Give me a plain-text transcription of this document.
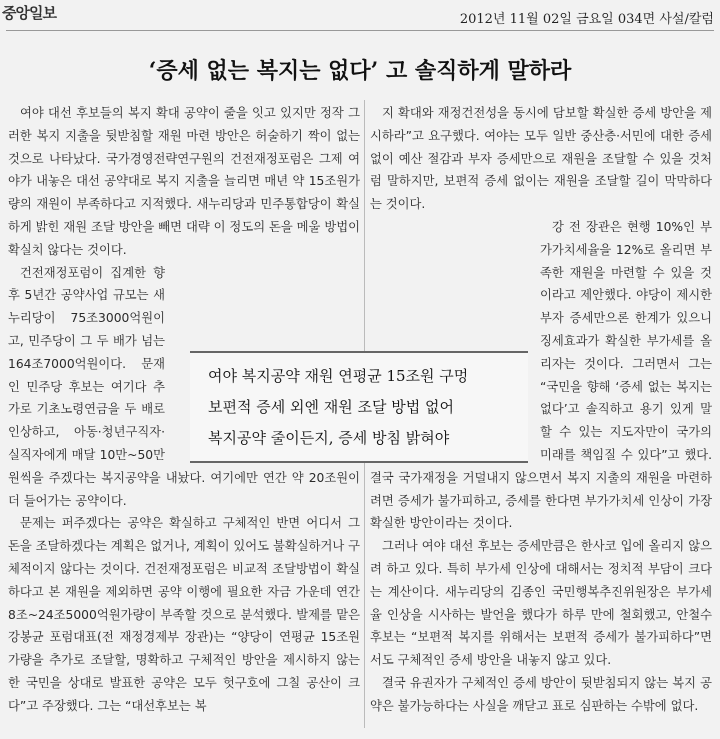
중앙일보	2012년 11월 02일 금요일 034면 사설/칼럼
‘증세 없는 복지는 없다’ 고 솔직하게 말하라

여야 대선 후보들의 복지 확대 공약이 줄을 잇고 있지만 정작 그러한 복지 지출을 뒷받침할 재원 마련 방안은 허술하기 짝이 없는 것으로 나타났다. 국가경영전략연구원의 건전재정포럼은 그제 여야가 내놓은 대선 공약대로 복지 지출을 늘리면 매년 약 15조원가량의 재원이 부족하다고 지적했다. 새누리당과 민주통합당이 확실하게 밝힌 재원 조달 방안을 빼면 대략 이 정도의 돈을 메울 방법이 확실치 않다는 것이다.

건전재정포럼이 집계한 향후 5년간 공약사업 규모는 새누리당이 75조3000억원이고, 민주당이 그 두 배가 넘는 164조7000억원이다. 문재인 민주당 후보는 여기다 추가로 기초노령연금을 두 배로 인상하고, 아동·청년구직자·실직자에게 매달 10만~50만원씩을 주겠다는 복지공약을 내놨다. 여기에만 연간 약 20조원이 더 들어가는 공약이다.

문제는 퍼주겠다는 공약은 확실하고 구체적인 반면 어디서 그 돈을 조달하겠다는 계획은 없거나, 계획이 있어도 불확실하거나 구체적이지 않다는 것이다. 건전재정포럼은 비교적 조달방법이 확실하다고 본 재원을 제외하면 공약 이행에 필요한 자금 가운데 연간 8조~24조5000억원가량이 부족할 것으로 분석했다. 발제를 맡은 강봉균 포럼대표(전 재정경제부 장관)는 “양당이 연평균 15조원가량을 추가로 조달할, 명확하고 구체적인 방안을 제시하지 않는 한 국민을 상대로 발표한 공약은 모두 헛구호에 그칠 공산이 크다”고 주장했다. 그는 “대선후보는 복

지 확대와 재정건전성을 동시에 담보할 확실한 증세 방안을 제시하라”고 요구했다. 여야는 모두 일반 중산층·서민에 대한 증세 없이 예산 절감과 부자 증세만으로 재원을 조달할 수 있을 것처럼 말하지만, 보편적 증세 없이는 재원을 조달할 길이 막막하다는 것이다.

강 전 장관은 현행 10%인 부가가치세율을 12%로 올리면 부족한 재원을 마련할 수 있을 것이라고 제안했다. 야당이 제시한 부자 증세만으론 한계가 있으니 징세효과가 확실한 부가세를 올리자는 것이다. 그러면서 그는 “국민을 향해 ‘증세 없는 복지는 없다’고 솔직하고 용기 있게 말할 수 있는 지도자만이 국가의 미래를 책임질 수 있다”고 했다. 결국 국가재정을 거덜내지 않으면서 복지 지출의 재원을 마련하려면 증세가 불가피하고, 증세를 한다면 부가가치세 인상이 가장 확실한 방안이라는 것이다.

그러나 여야 대선 후보는 증세만큼은 한사코 입에 올리지 않으려 하고 있다. 특히 부가세 인상에 대해서는 정치적 부담이 크다는 계산이다. 새누리당의 김종인 국민행복추진위원장은 부가세율 인상을 시사하는 발언을 했다가 하루 만에 철회했고, 안철수 후보는 “보편적 복지를 위해서는 보편적 증세가 불가피하다”면서도 구체적인 증세 방안을 내놓지 않고 있다.

결국 유권자가 구체적인 증세 방안이 뒷받침되지 않는 복지 공약은 불가능하다는 사실을 깨닫고 표로 심판하는 수밖에 없다.

여야 복지공약 재원 연평균 15조원 구멍
보편적 증세 외엔 재원 조달 방법 없어
복지공약 줄이든지, 증세 방침 밝혀야
